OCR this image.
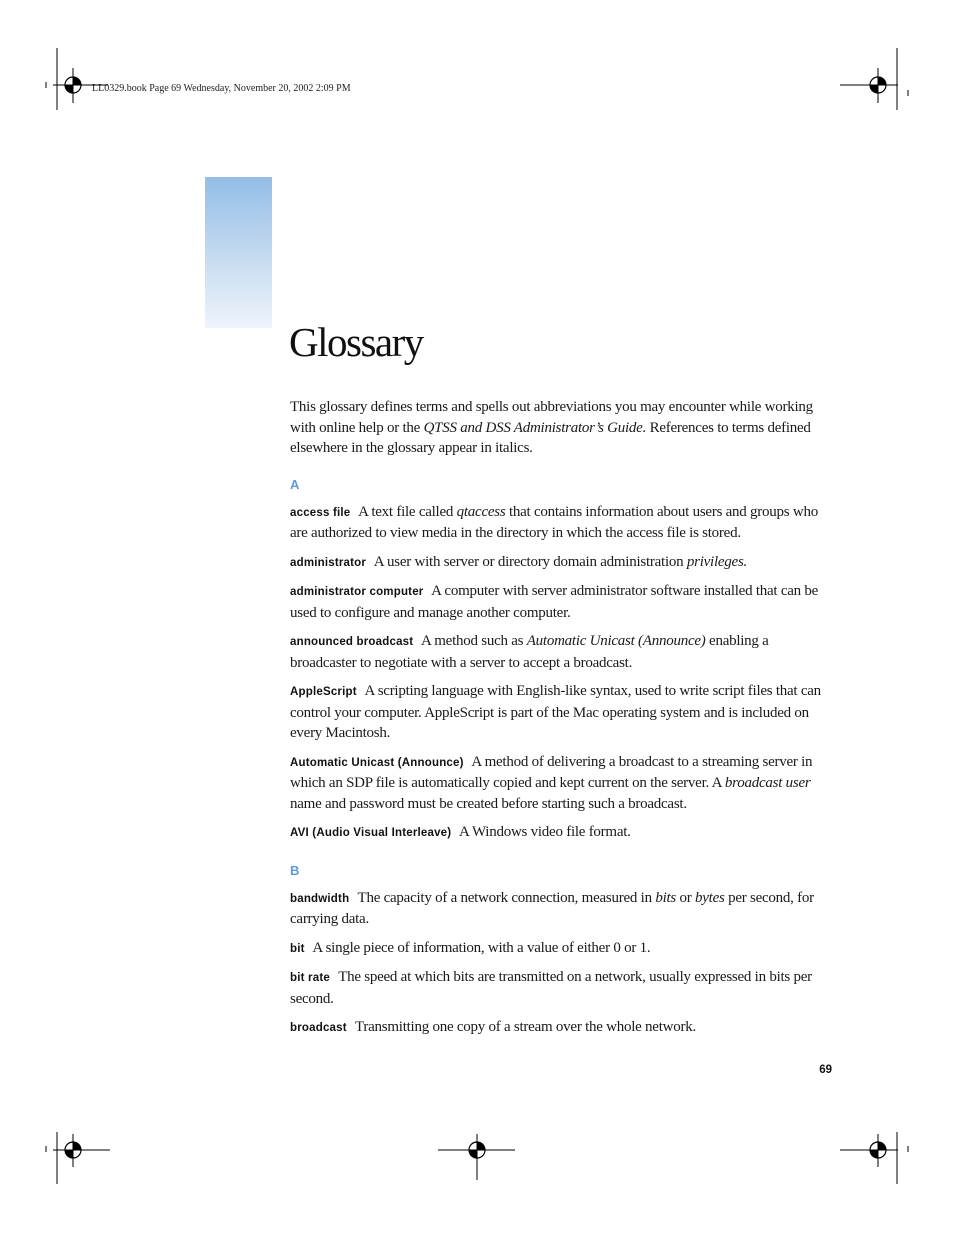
LL0329.book Page 69 Wednesday, November 20, 2002 2:09 PM
Glossary

This glossary defines terms and spells out abbreviations you may encounter while working with online help or the QTSS and DSS Administrator’s Guide. References to terms defined elsewhere in the glossary appear in italics.

A

access file A text file called qtaccess that contains information about users and groups who are authorized to view media in the directory in which the access file is stored.

administrator A user with server or directory domain administration privileges.

administrator computer A computer with server administrator software installed that can be used to configure and manage another computer.

announced broadcast A method such as Automatic Unicast (Announce) enabling a broadcaster to negotiate with a server to accept a broadcast.

AppleScript A scripting language with English-like syntax, used to write script files that can control your computer. AppleScript is part of the Mac operating system and is included on every Macintosh.

Automatic Unicast (Announce) A method of delivering a broadcast to a streaming server in which an SDP file is automatically copied and kept current on the server. A broadcast user name and password must be created before starting such a broadcast.

AVI (Audio Visual Interleave) A Windows video file format.

B

bandwidth The capacity of a network connection, measured in bits or bytes per second, for carrying data.

bit A single piece of information, with a value of either 0 or 1.

bit rate The speed at which bits are transmitted on a network, usually expressed in bits per second.

broadcast Transmitting one copy of a stream over the whole network.

69
